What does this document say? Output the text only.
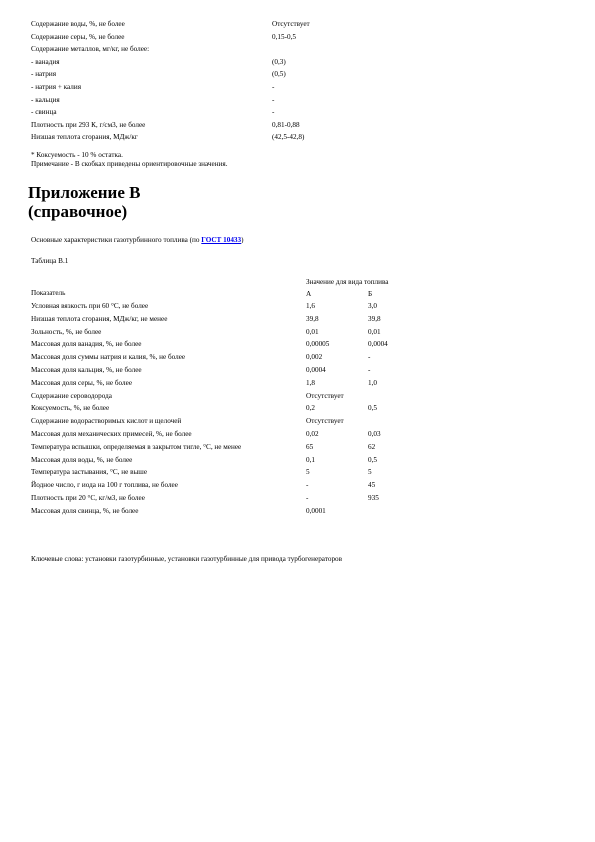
Содержание воды, %, не более	Отсутствует
Содержание серы, %, не более	0,15-0,5
Содержание металлов, мг/кг, не более:
- ванадия	(0,3)
- натрия	(0,5)
- натрия + калия	-
- кальция	-
- свинца	-
Плотность при 293 К, г/см3, не более	0,81-0,88
Низшая теплота сгорания, МДж/кг	(42,5-42,8)
* Коксуемость - 10 % остатка.
Примечание - В скобках приведены ориентировочные значения.
Приложение В
(справочное)
Основные характеристики газотурбинного топлива (по ГОСТ 10433)
Таблица В.1
Показатель
Значение для вида топлива
А	Б
Условная вязкость при 60 °С, не более	1,6	3,0
Низшая теплота сгорания, МДж/кг, не менее	39,8	39,8
Зольность, %, не более	0,01	0,01
Массовая доля ванадия, %, не более	0,00005	0,0004
Массовая доля суммы натрия и калия, %, не более	0,002	-
Массовая доля кальция, %, не более	0,0004	-
Массовая доля серы, %, не более	1,8	1,0
Содержание сероводорода	Отсутствует
Коксуемость, %, не более	0,2	0,5
Содержание водорастворимых кислот и щелочей	Отсутствует
Массовая доля механических примесей, %, не более	0,02	0,03
Температура вспышки, определяемая в закрытом тигле, °С, не менее	65	62
Массовая доля воды, %, не более	0,1	0,5
Температура застывания, °С, не выше	5	5
Йодное число, г иода на 100 г топлива, не более	-	45
Плотность при 20 °С, кг/м3, не более	-	935
Массовая доля свинца, %, не более	0,0001
Ключевые слова: установки газотурбинные, установки газотурбинные для привода турбогенераторов
